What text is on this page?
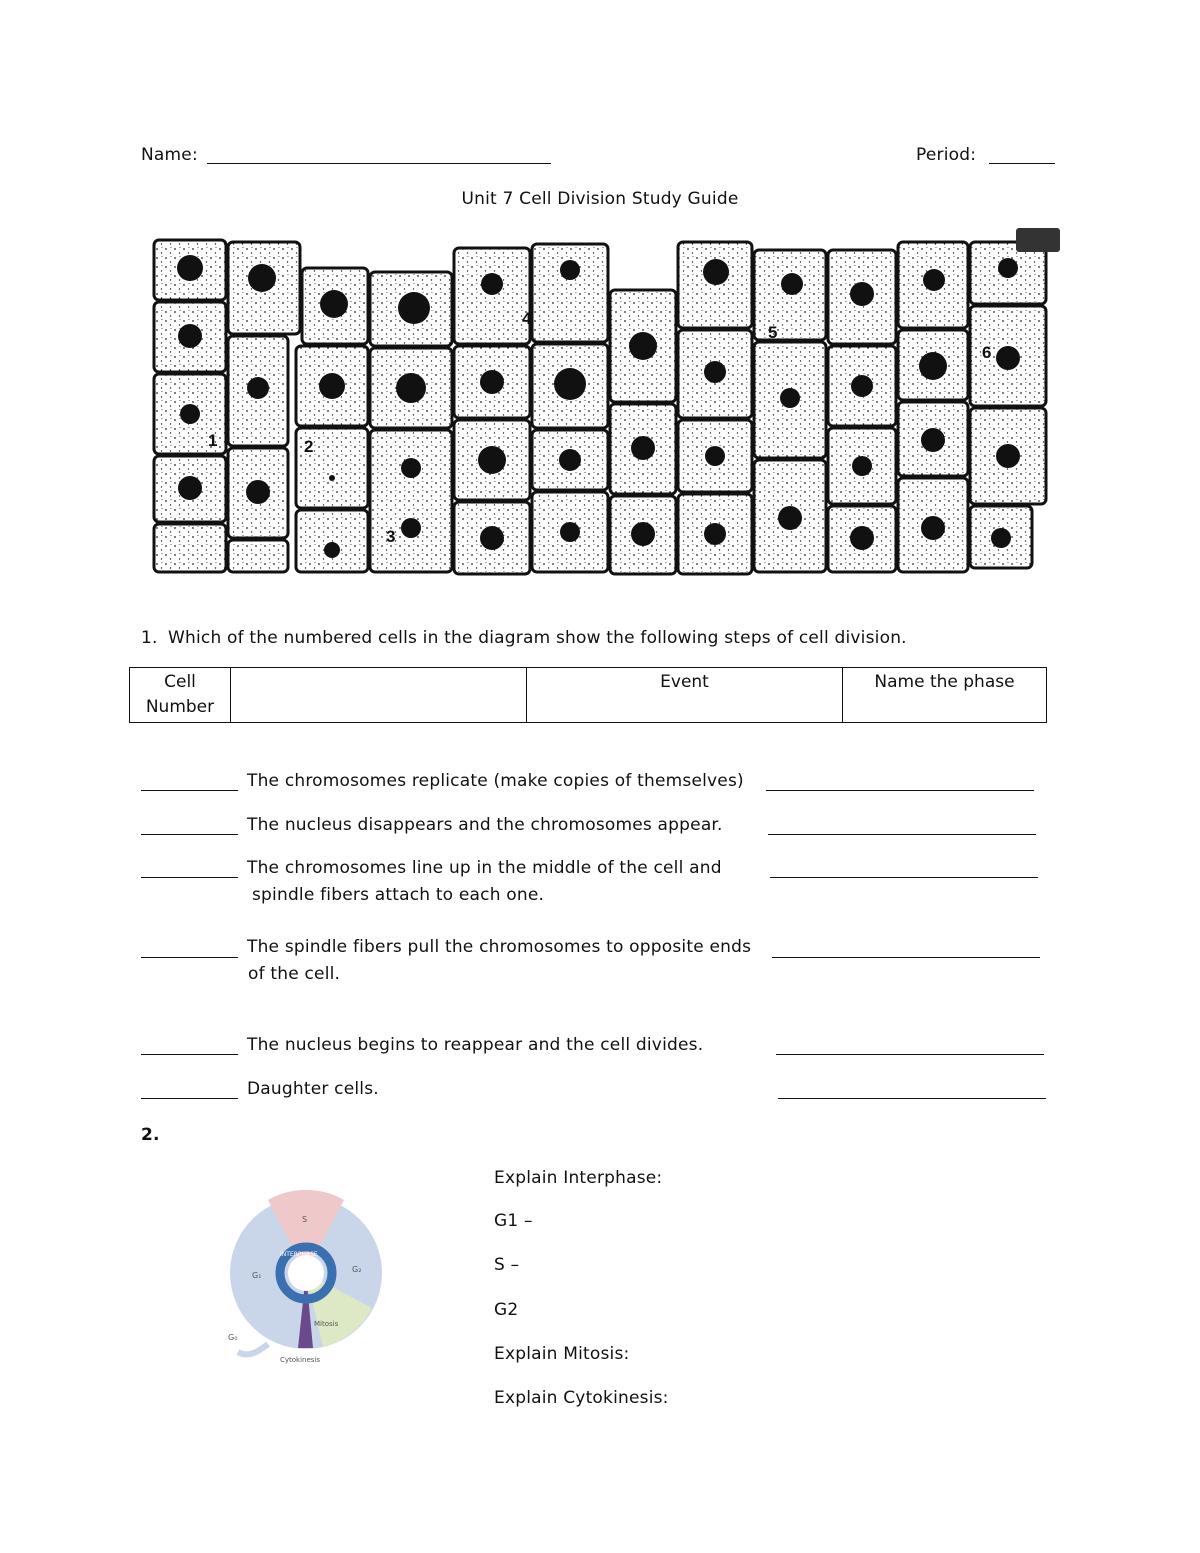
Name:	Period:
Unit 7 Cell Division Study Guide
1	2
3
4
5
6
1. Which of the numbered cells in the diagram show the following steps of cell division.
Cell
Number
		Event	Name the phase
The chromosomes replicate (make copies of themselves)
The nucleus disappears and the chromosomes appear.
The chromosomes line up in the middle of the cell and
spindle fibers attach to each one.
The spindle fibers pull the chromosomes to opposite ends
of the cell.
The nucleus begins to reappear and the cell divides.
Daughter cells.
2.
S
G₁
G₂
G₀
Mitosis
Cytokinesis
INTERPHASE
Explain Interphase:
G1 –
S –
G2
Explain Mitosis:
Explain Cytokinesis:
